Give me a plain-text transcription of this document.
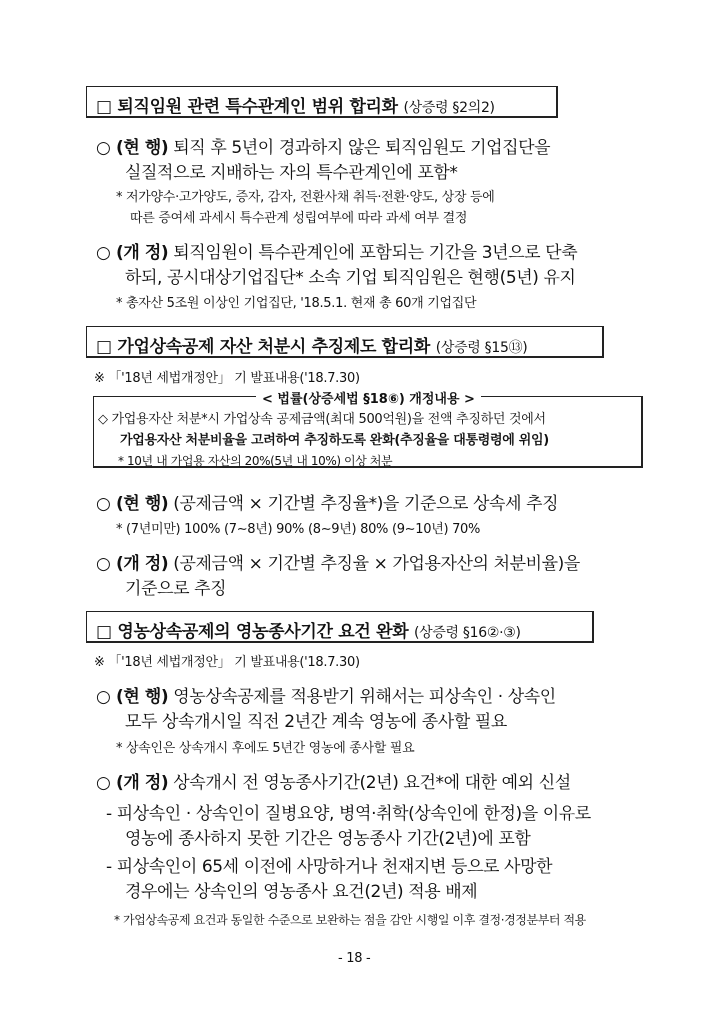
□ 퇴직임원 관련 특수관계인 범위 합리화 (상증령 §2의2)
○ (현 행) 퇴직 후 5년이 경과하지 않은 퇴직임원도 기업집단을
실질적으로 지배하는 자의 특수관계인에 포함*
* 저가양수·고가양도, 증자, 감자, 전환사채 취득·전환·양도, 상장 등에
따른 증여세 과세시 특수관계 성립여부에 따라 과세 여부 결정
○ (개 정) 퇴직임원이 특수관계인에 포함되는 기간을 3년으로 단축
하되, 공시대상기업집단* 소속 기업 퇴직임원은 현행(5년) 유지
* 총자산 5조원 이상인 기업집단, '18.5.1. 현재 총 60개 기업집단
□ 가업상속공제 자산 처분시 추징제도 합리화 (상증령 §15⑬)
※ 「'18년 세법개정안」 기 발표내용('18.7.30)
< 법률(상증세법 §18⑥) 개정내용 >
◇ 가업용자산 처분*시 가업상속 공제금액(최대 500억원)을 전액 추징하던 것에서
가업용자산 처분비율을 고려하여 추징하도록 완화(추징율을 대통령령에 위임)
* 10년 내 가업용 자산의 20%(5년 내 10%) 이상 처분
○ (현 행) (공제금액 × 기간별 추징율*)을 기준으로 상속세 추징
* (7년미만) 100% (7∼8년) 90% (8∼9년) 80% (9∼10년) 70%
○ (개 정) (공제금액 × 기간별 추징율 × 가업용자산의 처분비율)을
기준으로 추징
□ 영농상속공제의 영농종사기간 요건 완화 (상증령 §16②·③)
※ 「'18년 세법개정안」 기 발표내용('18.7.30)
○ (현 행) 영농상속공제를 적용받기 위해서는 피상속인 · 상속인
모두 상속개시일 직전 2년간 계속 영농에 종사할 필요
* 상속인은 상속개시 후에도 5년간 영농에 종사할 필요
○ (개 정) 상속개시 전 영농종사기간(2년) 요건*에 대한 예외 신설
- 피상속인 · 상속인이 질병요양, 병역·취학(상속인에 한정)을 이유로
영농에 종사하지 못한 기간은 영농종사 기간(2년)에 포함
- 피상속인이 65세 이전에 사망하거나 천재지변 등으로 사망한
경우에는 상속인의 영농종사 요건(2년) 적용 배제
* 가업상속공제 요건과 동일한 수준으로 보완하는 점을 감안 시행일 이후 결정·경정분부터 적용
- 18 -
